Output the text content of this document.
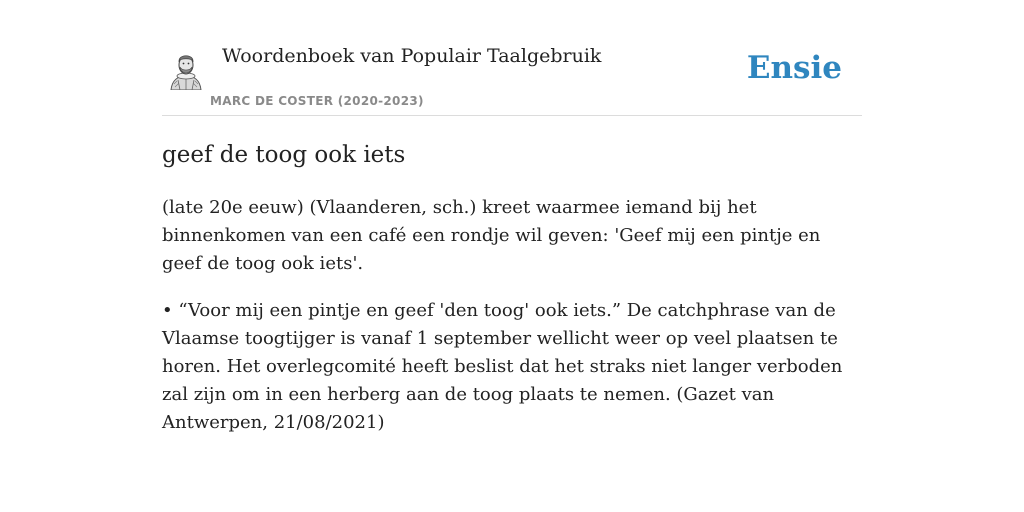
Woordenboek van Populair Taalgebruik
MARC DE COSTER (2020-2023)
Ensie
geef de toog ook iets

(late 20e eeuw) (Vlaanderen, sch.) kreet waarmee iemand bij het binnenkomen van een café een rondje wil geven: 'Geef mij een pintje en geef de toog ook iets'.

• “Voor mij een pintje en geef 'den toog' ook iets.” De catchphrase van de Vlaamse toogtijger is vanaf 1 september wellicht weer op veel plaatsen te horen. Het overlegcomité heeft beslist dat het straks niet langer verboden zal zijn om in een herberg aan de toog plaats te nemen. (Gazet van Antwerpen, 21/08/2021)
